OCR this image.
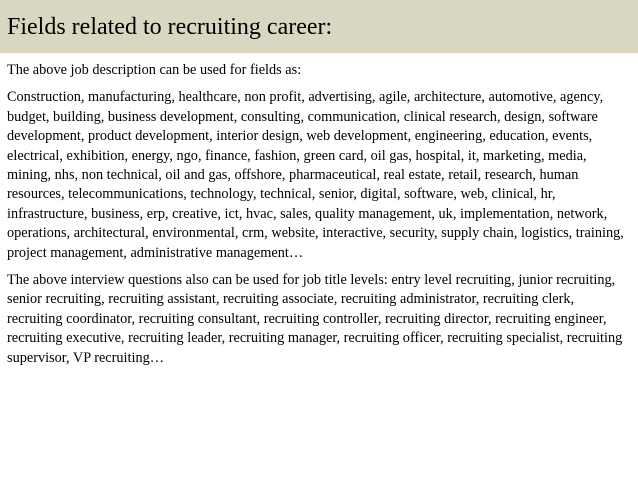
Fields related to recruiting career:

The above job description can be used for fields as:

Construction, manufacturing, healthcare, non profit, advertising, agile, architecture, automotive, agency, budget, building, business development, consulting, communication, clinical research, design, software development, product development, interior design, web development, engineering, education, events, electrical, exhibition, energy, ngo, finance, fashion, green card, oil gas, hospital, it, marketing, media, mining, nhs, non technical, oil and gas, offshore, pharmaceutical, real estate, retail, research, human resources, telecommunications, technology, technical, senior, digital, software, web, clinical, hr, infrastructure, business, erp, creative, ict, hvac, sales, quality management, uk, implementation, network, operations, architectural, environmental, crm, website, interactive, security, supply chain, logistics, training, project management, administrative management…

The above interview questions also can be used for job title levels: entry level recruiting, junior recruiting, senior recruiting, recruiting assistant, recruiting associate, recruiting administrator, recruiting clerk, recruiting coordinator, recruiting consultant, recruiting controller, recruiting director, recruiting engineer, recruiting executive, recruiting leader, recruiting manager, recruiting officer, recruiting specialist, recruiting supervisor, VP recruiting…
